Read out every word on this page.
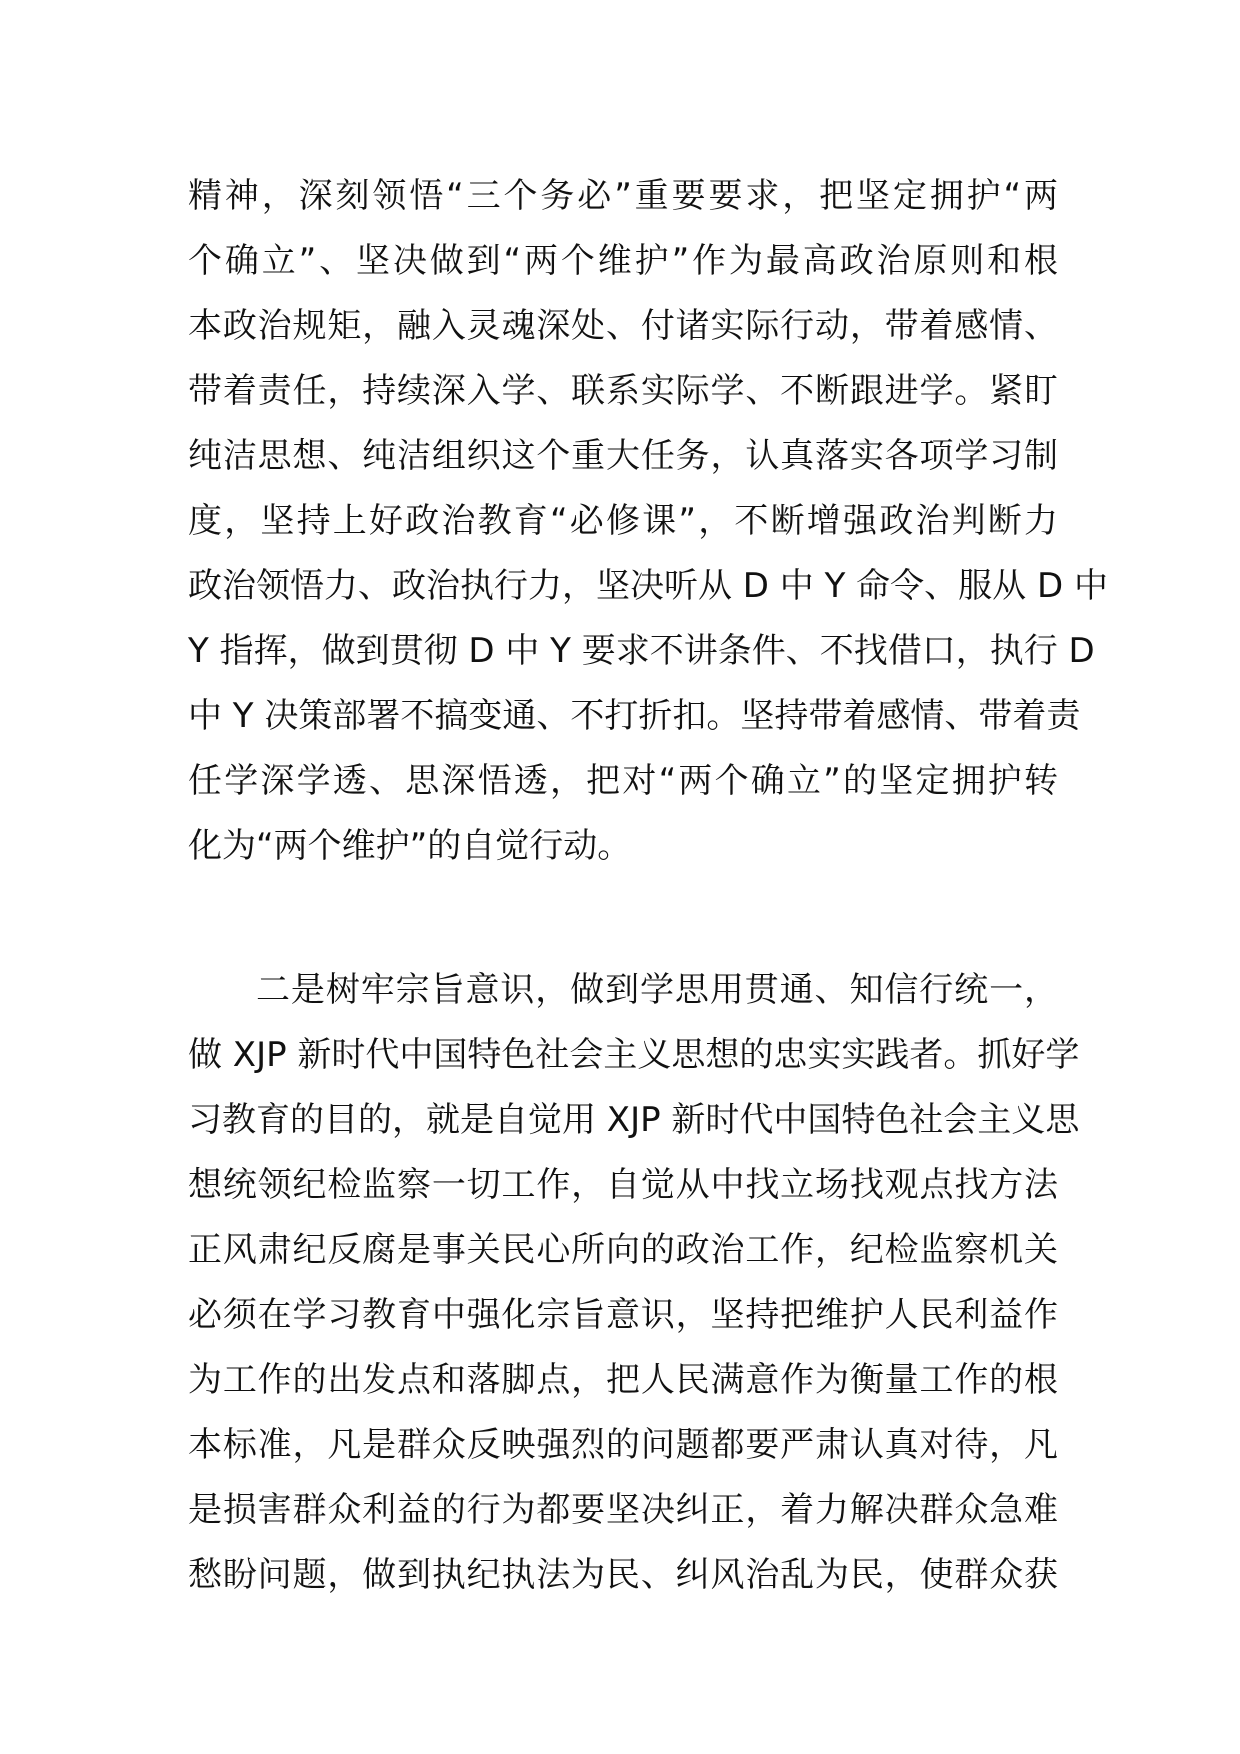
精神，深刻领悟“三个务必”重要要求，把坚定拥护“两
个确立”、坚决做到“两个维护”作为最高政治原则和根
本政治规矩，融入灵魂深处、付诸实际行动，带着感情、
带着责任，持续深入学、联系实际学、不断跟进学。紧盯
纯洁思想、纯洁组织这个重大任务，认真落实各项学习制
度，坚持上好政治教育“必修课”，不断增强政治判断力
政治领悟力、政治执行力，坚决听从 D 中 Y 命令、服从 D 中
Y 指挥，做到贯彻 D 中 Y 要求不讲条件、不找借口，执行 D
中 Y 决策部署不搞变通、不打折扣。坚持带着感情、带着责
任学深学透、思深悟透，把对“两个确立”的坚定拥护转
化为“两个维护”的自觉行动。
二是树牢宗旨意识，做到学思用贯通、知信行统一，
做 XJP 新时代中国特色社会主义思想的忠实实践者。抓好学
习教育的目的，就是自觉用 XJP 新时代中国特色社会主义思
想统领纪检监察一切工作，自觉从中找立场找观点找方法
正风肃纪反腐是事关民心所向的政治工作，纪检监察机关
必须在学习教育中强化宗旨意识，坚持把维护人民利益作
为工作的出发点和落脚点，把人民满意作为衡量工作的根
本标准，凡是群众反映强烈的问题都要严肃认真对待，凡
是损害群众利益的行为都要坚决纠正，着力解决群众急难
愁盼问题，做到执纪执法为民、纠风治乱为民，使群众获
